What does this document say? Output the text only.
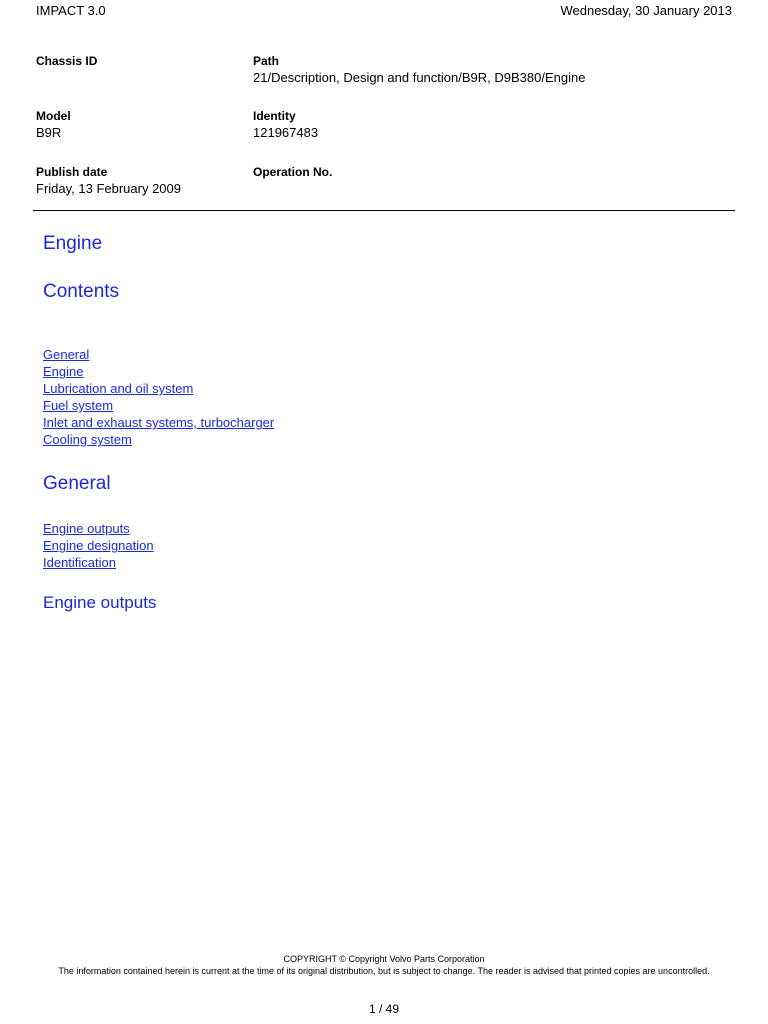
IMPACT 3.0	Wednesday, 30 January 2013
Chassis ID	Path
21/Description, Design and function/B9R, D9B380/Engine
Model
B9R
Identity
121967483
Publish date
Friday, 13 February 2009
Operation No.
Engine
Contents
General
Engine
Lubrication and oil system
Fuel system
Inlet and exhaust systems, turbocharger
Cooling system
General
Engine outputs
Engine designation
Identification
Engine outputs
COPYRIGHT © Copyright Volvo Parts Corporation
The information contained herein is current at the time of its original distribution, but is subject to change. The reader is advised that printed copies are uncontrolled.
1 / 49
